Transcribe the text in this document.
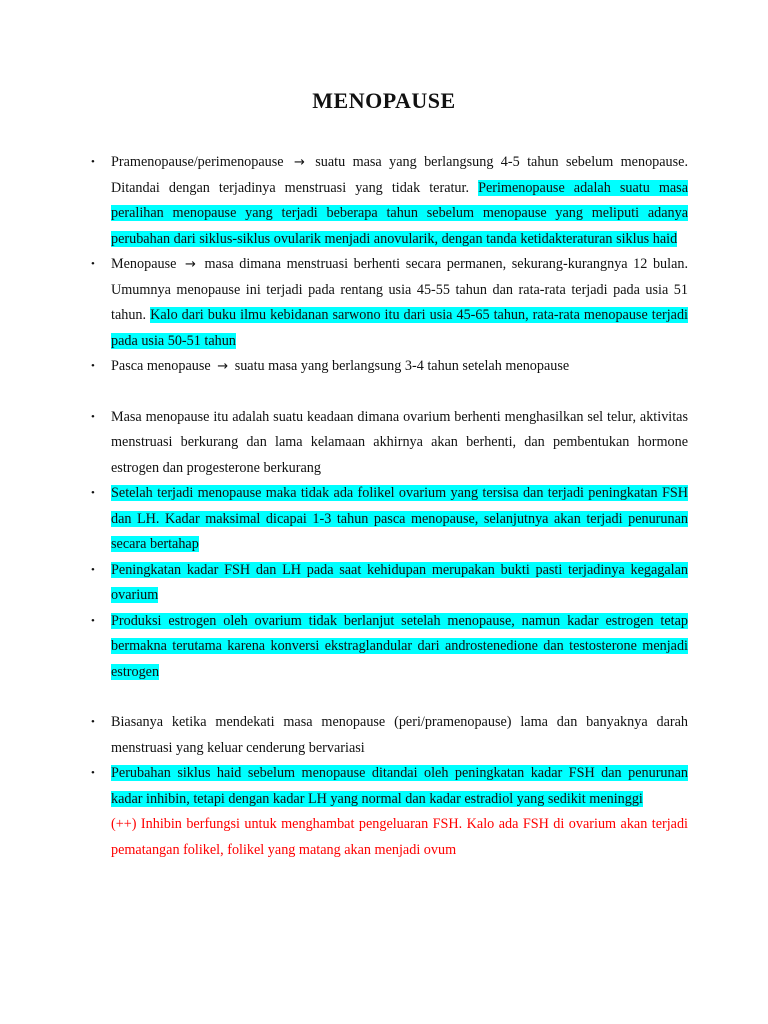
MENOPAUSE
• Pramenopause/perimenopause → suatu masa yang berlangsung 4-5 tahun sebelum menopause. Ditandai dengan terjadinya menstruasi yang tidak teratur. Perimenopause adalah suatu masa peralihan menopause yang terjadi beberapa tahun sebelum menopause yang meliputi adanya perubahan dari siklus-siklus ovularik menjadi anovularik, dengan tanda ketidakteraturan siklus haid
• Menopause → masa dimana menstruasi berhenti secara permanen, sekurang-kurangnya 12 bulan. Umumnya menopause ini terjadi pada rentang usia 45-55 tahun dan rata-rata terjadi pada usia 51 tahun. Kalo dari buku ilmu kebidanan sarwono itu dari usia 45-65 tahun, rata-rata menopause terjadi pada usia 50-51 tahun
• Pasca menopause → suatu masa yang berlangsung 3-4 tahun setelah menopause
• Masa menopause itu adalah suatu keadaan dimana ovarium berhenti menghasilkan sel telur, aktivitas menstruasi berkurang dan lama kelamaan akhirnya akan berhenti, dan pembentukan hormone estrogen dan progesterone berkurang
• Setelah terjadi menopause maka tidak ada folikel ovarium yang tersisa dan terjadi peningkatan FSH dan LH. Kadar maksimal dicapai 1-3 tahun pasca menopause, selanjutnya akan terjadi penurunan secara bertahap
• Peningkatan kadar FSH dan LH pada saat kehidupan merupakan bukti pasti terjadinya kegagalan ovarium
• Produksi estrogen oleh ovarium tidak berlanjut setelah menopause, namun kadar estrogen tetap bermakna terutama karena konversi ekstraglandular dari androstenedione dan testosterone menjadi estrogen
• Biasanya ketika mendekati masa menopause (peri/pramenopause) lama dan banyaknya darah menstruasi yang keluar cenderung bervariasi
• Perubahan siklus haid sebelum menopause ditandai oleh peningkatan kadar FSH dan penurunan kadar inhibin, tetapi dengan kadar LH yang normal dan kadar estradiol yang sedikit meninggi
(++) Inhibin berfungsi untuk menghambat pengeluaran FSH. Kalo ada FSH di ovarium akan terjadi pematangan folikel, folikel yang matang akan menjadi ovum
